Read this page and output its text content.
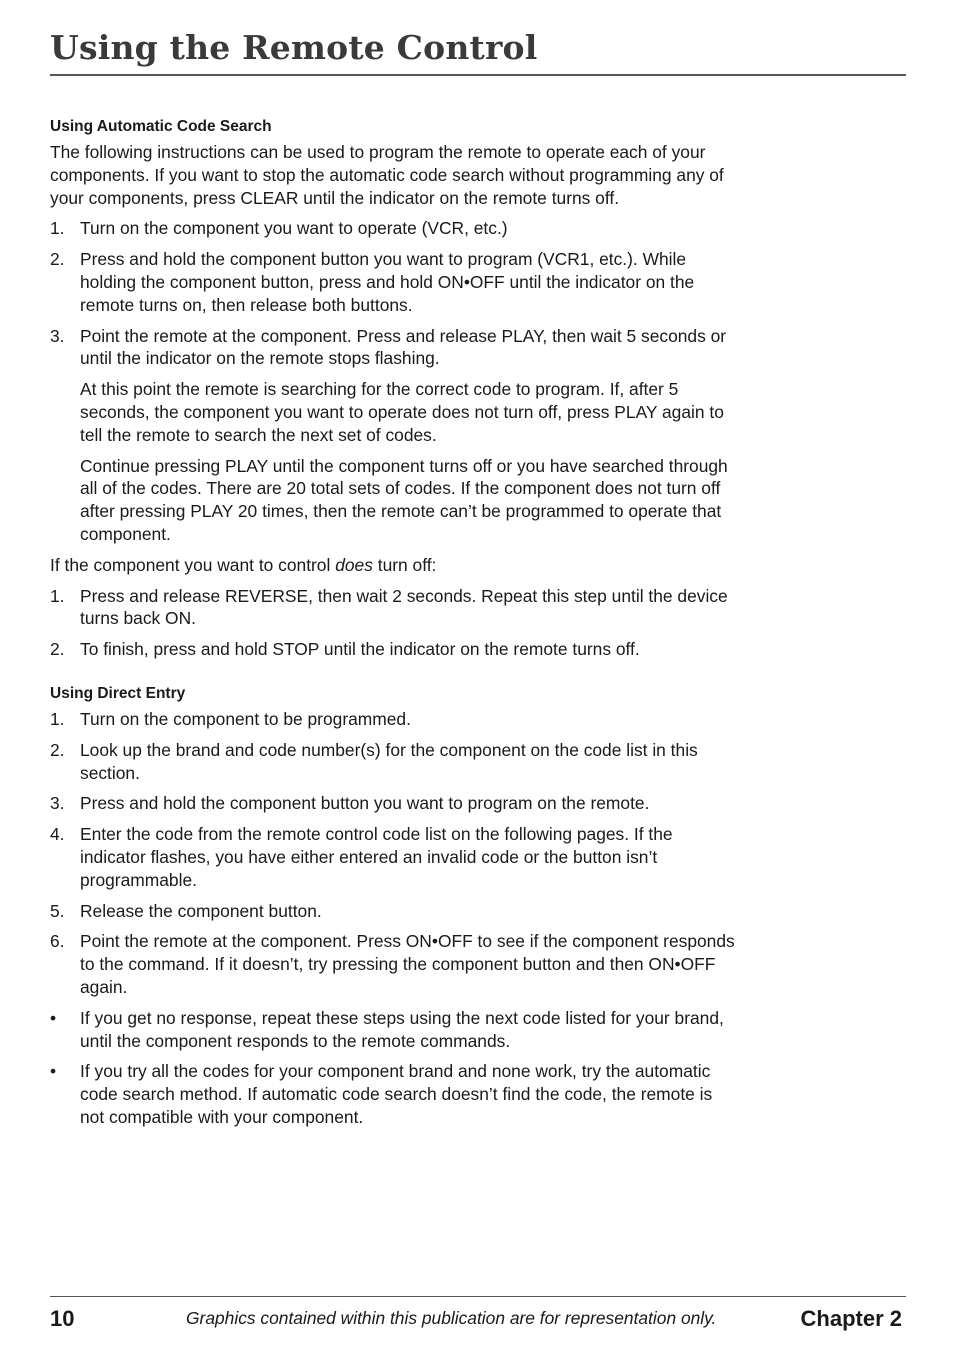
Using the Remote Control
Using Automatic Code Search

The following instructions can be used to program the remote to operate each of your components. If you want to stop the automatic code search without programming any of your components, press CLEAR until the indicator on the remote turns off.

1. Turn on the component you want to operate (VCR, etc.)
2. Press and hold the component button you want to program (VCR1, etc.). While holding the component button, press and hold ON•OFF until the indicator on the remote turns on, then release both buttons.
3. Point the remote at the component. Press and release PLAY, then wait 5 seconds or until the indicator on the remote stops flashing.

At this point the remote is searching for the correct code to program. If, after 5 seconds, the component you want to operate does not turn off, press PLAY again to tell the remote to search the next set of codes.

Continue pressing PLAY until the component turns off or you have searched through all of the codes. There are 20 total sets of codes. If the component does not turn off after pressing PLAY 20 times, then the remote can’t be programmed to operate that component.

If the component you want to control does turn off:

1. Press and release REVERSE, then wait 2 seconds. Repeat this step until the device turns back ON.
2. To finish, press and hold STOP until the indicator on the remote turns off.
Using Direct Entry
1. Turn on the component to be programmed.
2. Look up the brand and code number(s) for the component on the code list in this section.
3. Press and hold the component button you want to program on the remote.
4. Enter the code from the remote control code list on the following pages. If the indicator flashes, you have either entered an invalid code or the button isn’t programmable.
5. Release the component button.
6. Point the remote at the component. Press ON•OFF to see if the component responds to the command. If it doesn’t, try pressing the component button and then ON•OFF again.
• If you get no response, repeat these steps using the next code listed for your brand, until the component responds to the remote commands.
• If you try all the codes for your component brand and none work, try the automatic code search method. If automatic code search doesn’t find the code, the remote is not compatible with your component.
10	Graphics contained within this publication are for representation only.	Chapter 2
